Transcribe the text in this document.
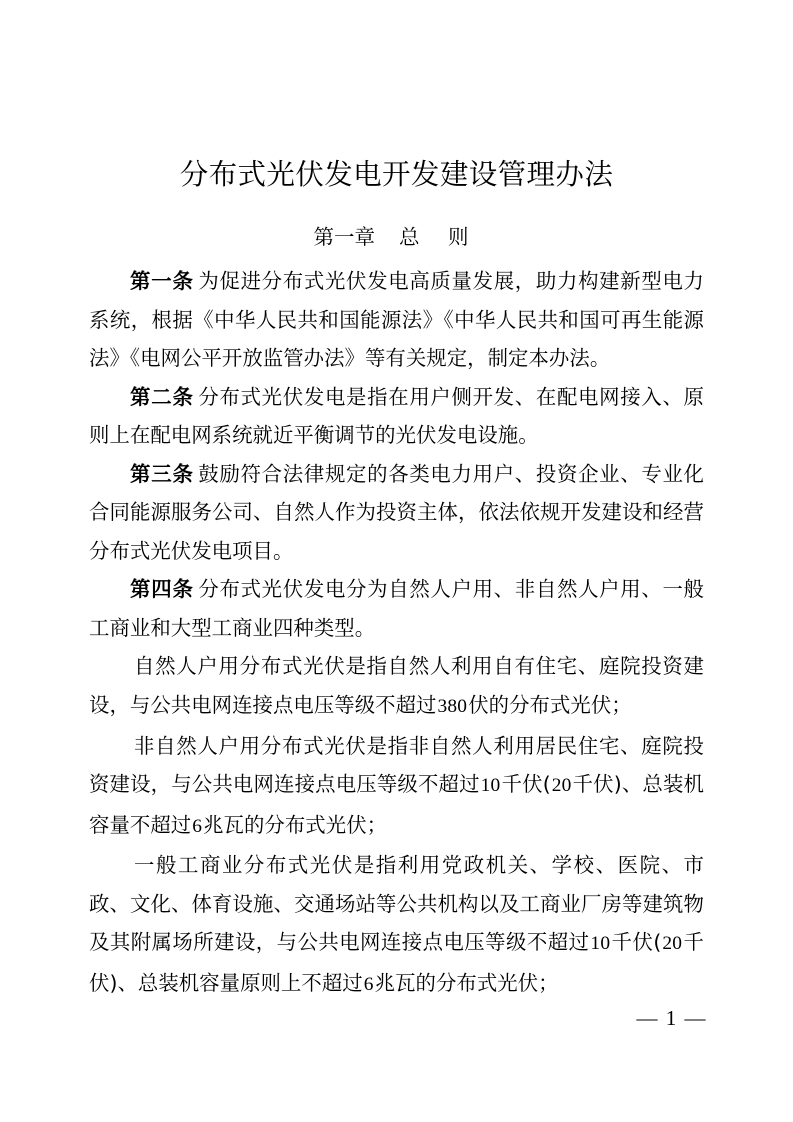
分布式光伏发电开发建设管理办法
第一章 总 则

第一条 为促进分布式光伏发电高质量发展，助力构建新型电力系统，根据《中华人民共和国能源法》《中华人民共和国可再生能源法》《电网公平开放监管办法》等有关规定，制定本办法。

第二条 分布式光伏发电是指在用户侧开发、在配电网接入、原则上在配电网系统就近平衡调节的光伏发电设施。

第三条 鼓励符合法律规定的各类电力用户、投资企业、专业化合同能源服务公司、自然人作为投资主体，依法依规开发建设和经营分布式光伏发电项目。

第四条 分布式光伏发电分为自然人户用、非自然人户用、一般工商业和大型工商业四种类型。

自然人户用分布式光伏是指自然人利用自有住宅、庭院投资建设，与公共电网连接点电压等级不超过380伏的分布式光伏；

非自然人户用分布式光伏是指非自然人利用居民住宅、庭院投资建设，与公共电网连接点电压等级不超过10千伏(20千伏)、总装机容量不超过6兆瓦的分布式光伏；

一般工商业分布式光伏是指利用党政机关、学校、医院、市政、文化、体育设施、交通场站等公共机构以及工商业厂房等建筑物及其附属场所建设，与公共电网连接点电压等级不超过10千伏(20千伏)、总装机容量原则上不超过6兆瓦的分布式光伏；

— 1 —
